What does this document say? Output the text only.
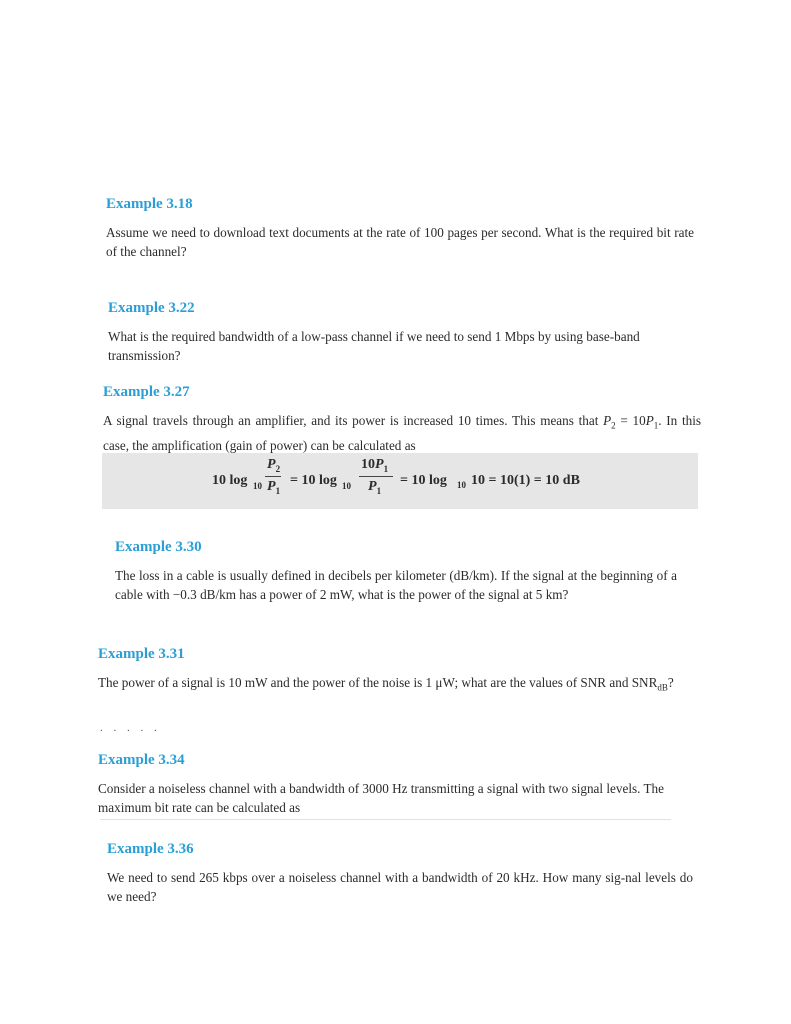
Example 3.18

Assume we need to download text documents at the rate of 100 pages per second. What is the required bit rate of the channel?

Example 3.22

What is the required bandwidth of a low-pass channel if we need to send 1 Mbps by using base-band transmission?

Example 3.27

A signal travels through an amplifier, and its power is increased 10 times. This means that $P_2 = 10P_1$. In this case, the amplification (gain of power) can be calculated as

10 log 10
$P_2$
$P_1$
= 10 log 10
$10P_1$
$P_1$
= 10 log 10 10 = 10(1) = 10 dB
Example 3.30

The loss in a cable is usually defined in decibels per kilometer (dB/km). If the signal at the beginning of a cable with −0.3 dB/km has a power of 2 mW, what is the power of the signal at 5 km?

Example 3.31

The power of a signal is 10 mW and the power of the noise is 1 μW; what are the values of SNR and $SNR_{dB}$?

. . . . .
Example 3.34

Consider a noiseless channel with a bandwidth of 3000 Hz transmitting a signal with two signal levels. The maximum bit rate can be calculated as

Example 3.36

We need to send 265 kbps over a noiseless channel with a bandwidth of 20 kHz. How many sig-nal levels do we need?
